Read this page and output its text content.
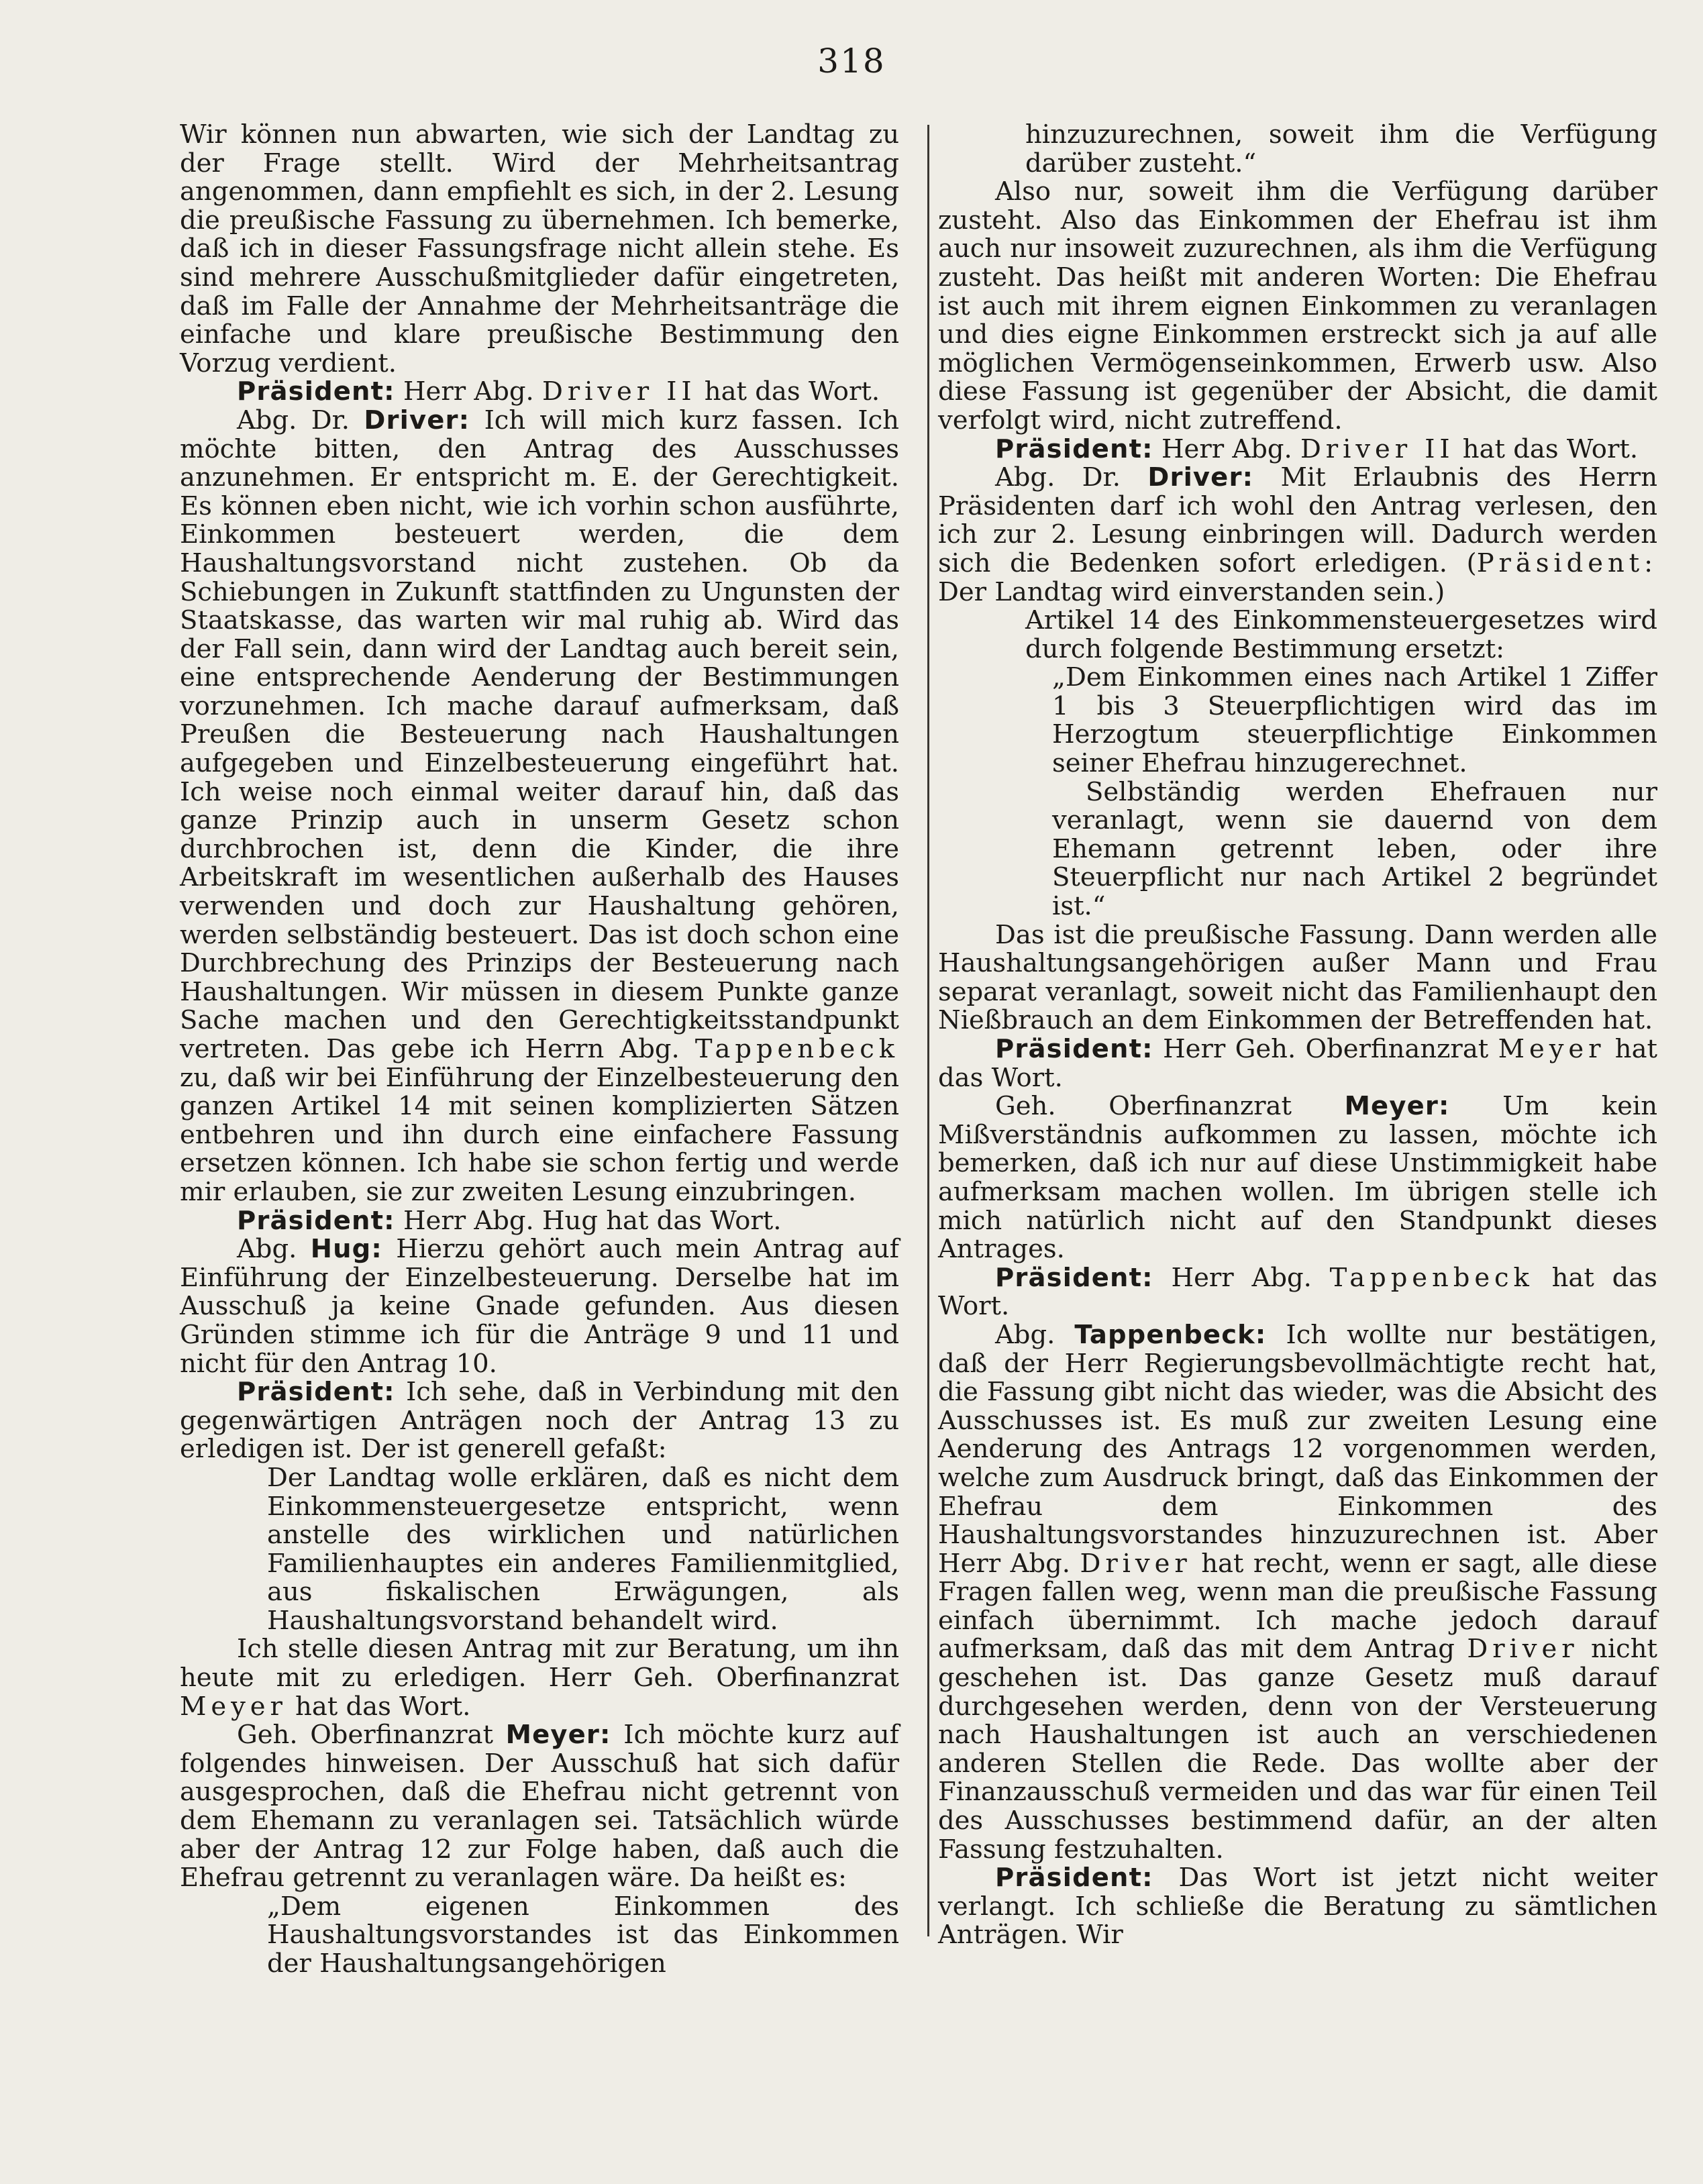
318

Wir können nun abwarten, wie sich der Landtag zu der Frage stellt. Wird der Mehrheitsantrag angenommen, dann empfiehlt es sich, in der 2. Lesung die preußische Fassung zu übernehmen. Ich bemerke, daß ich in dieser Fassungsfrage nicht allein stehe. Es sind mehrere Ausschußmitglieder dafür eingetreten, daß im Falle der Annahme der Mehrheitsanträge die einfache und klare preußische Bestimmung den Vorzug verdient.

Präsident: Herr Abg. Driver II hat das Wort.

Abg. Dr. Driver: Ich will mich kurz fassen. Ich möchte bitten, den Antrag des Ausschusses anzunehmen. Er entspricht m. E. der Gerechtigkeit. Es können eben nicht, wie ich vorhin schon ausführte, Einkommen besteuert werden, die dem Haushaltungsvorstand nicht zustehen. Ob da Schiebungen in Zukunft stattfinden zu Ungunsten der Staatskasse, das warten wir mal ruhig ab. Wird das der Fall sein, dann wird der Landtag auch bereit sein, eine entsprechende Aenderung der Bestimmungen vorzunehmen. Ich mache darauf aufmerksam, daß Preußen die Besteuerung nach Haushaltungen aufgegeben und Einzelbesteuerung eingeführt hat. Ich weise noch einmal weiter darauf hin, daß das ganze Prinzip auch in unserm Gesetz schon durchbrochen ist, denn die Kinder, die ihre Arbeitskraft im wesentlichen außerhalb des Hauses verwenden und doch zur Haushaltung gehören, werden selbständig besteuert. Das ist doch schon eine Durchbrechung des Prinzips der Besteuerung nach Haushaltungen. Wir müssen in diesem Punkte ganze Sache machen und den Gerechtigkeitsstandpunkt vertreten. Das gebe ich Herrn Abg. Tappenbeck zu, daß wir bei Einführung der Einzelbesteuerung den ganzen Artikel 14 mit seinen komplizierten Sätzen entbehren und ihn durch eine einfachere Fassung ersetzen können. Ich habe sie schon fertig und werde mir erlauben, sie zur zweiten Lesung einzubringen.

Präsident: Herr Abg. Hug hat das Wort.

Abg. Hug: Hierzu gehört auch mein Antrag auf Einführung der Einzelbesteuerung. Derselbe hat im Ausschuß ja keine Gnade gefunden. Aus diesen Gründen stimme ich für die Anträge 9 und 11 und nicht für den Antrag 10.

Präsident: Ich sehe, daß in Verbindung mit den gegenwärtigen Anträgen noch der Antrag 13 zu erledigen ist. Der ist generell gefaßt:

Der Landtag wolle erklären, daß es nicht dem Einkommensteuergesetze entspricht, wenn anstelle des wirklichen und natürlichen Familienhauptes ein anderes Familienmitglied, aus fiskalischen Erwägungen, als Haushaltungsvorstand behandelt wird.

Ich stelle diesen Antrag mit zur Beratung, um ihn heute mit zu erledigen. Herr Geh. Oberfinanzrat Meyer hat das Wort.

Geh. Oberfinanzrat Meyer: Ich möchte kurz auf folgendes hinweisen. Der Ausschuß hat sich dafür ausgesprochen, daß die Ehefrau nicht getrennt von dem Ehemann zu veranlagen sei. Tatsächlich würde aber der Antrag 12 zur Folge haben, daß auch die Ehefrau getrennt zu veranlagen wäre. Da heißt es:

„Dem eigenen Einkommen des Haushaltungsvorstandes ist das Einkommen der Haushaltungsangehörigen

hinzuzurechnen, soweit ihm die Verfügung darüber zusteht.“

Also nur, soweit ihm die Verfügung darüber zusteht. Also das Einkommen der Ehefrau ist ihm auch nur insoweit zuzurechnen, als ihm die Verfügung zusteht. Das heißt mit anderen Worten: Die Ehefrau ist auch mit ihrem eignen Einkommen zu veranlagen und dies eigne Einkommen erstreckt sich ja auf alle möglichen Vermögenseinkommen, Erwerb usw. Also diese Fassung ist gegenüber der Absicht, die damit verfolgt wird, nicht zutreffend.

Präsident: Herr Abg. Driver II hat das Wort.

Abg. Dr. Driver: Mit Erlaubnis des Herrn Präsidenten darf ich wohl den Antrag verlesen, den ich zur 2. Lesung einbringen will. Dadurch werden sich die Bedenken sofort erledigen. (Präsident: Der Landtag wird einverstanden sein.)

Artikel 14 des Einkommensteuergesetzes wird durch folgende Bestimmung ersetzt:

„Dem Einkommen eines nach Artikel 1 Ziffer 1 bis 3 Steuerpflichtigen wird das im Herzogtum steuerpflichtige Einkommen seiner Ehefrau hinzugerechnet.

Selbständig werden Ehefrauen nur veranlagt, wenn sie dauernd von dem Ehemann getrennt leben, oder ihre Steuerpflicht nur nach Artikel 2 begründet ist.“

Das ist die preußische Fassung. Dann werden alle Haushaltungsangehörigen außer Mann und Frau separat veranlagt, soweit nicht das Familienhaupt den Nießbrauch an dem Einkommen der Betreffenden hat.

Präsident: Herr Geh. Oberfinanzrat Meyer hat das Wort.

Geh. Oberfinanzrat Meyer: Um kein Mißverständnis aufkommen zu lassen, möchte ich bemerken, daß ich nur auf diese Unstimmigkeit habe aufmerksam machen wollen. Im übrigen stelle ich mich natürlich nicht auf den Standpunkt dieses Antrages.

Präsident: Herr Abg. Tappenbeck hat das Wort.

Abg. Tappenbeck: Ich wollte nur bestätigen, daß der Herr Regierungsbevollmächtigte recht hat, die Fassung gibt nicht das wieder, was die Absicht des Ausschusses ist. Es muß zur zweiten Lesung eine Aenderung des Antrags 12 vorgenommen werden, welche zum Ausdruck bringt, daß das Einkommen der Ehefrau dem Einkommen des Haushaltungsvorstandes hinzuzurechnen ist. Aber Herr Abg. Driver hat recht, wenn er sagt, alle diese Fragen fallen weg, wenn man die preußische Fassung einfach übernimmt. Ich mache jedoch darauf aufmerksam, daß das mit dem Antrag Driver nicht geschehen ist. Das ganze Gesetz muß darauf durchgesehen werden, denn von der Versteuerung nach Haushaltungen ist auch an verschiedenen anderen Stellen die Rede. Das wollte aber der Finanzausschuß vermeiden und das war für einen Teil des Ausschusses bestimmend dafür, an der alten Fassung festzuhalten.

Präsident: Das Wort ist jetzt nicht weiter verlangt. Ich schließe die Beratung zu sämtlichen Anträgen. Wir
